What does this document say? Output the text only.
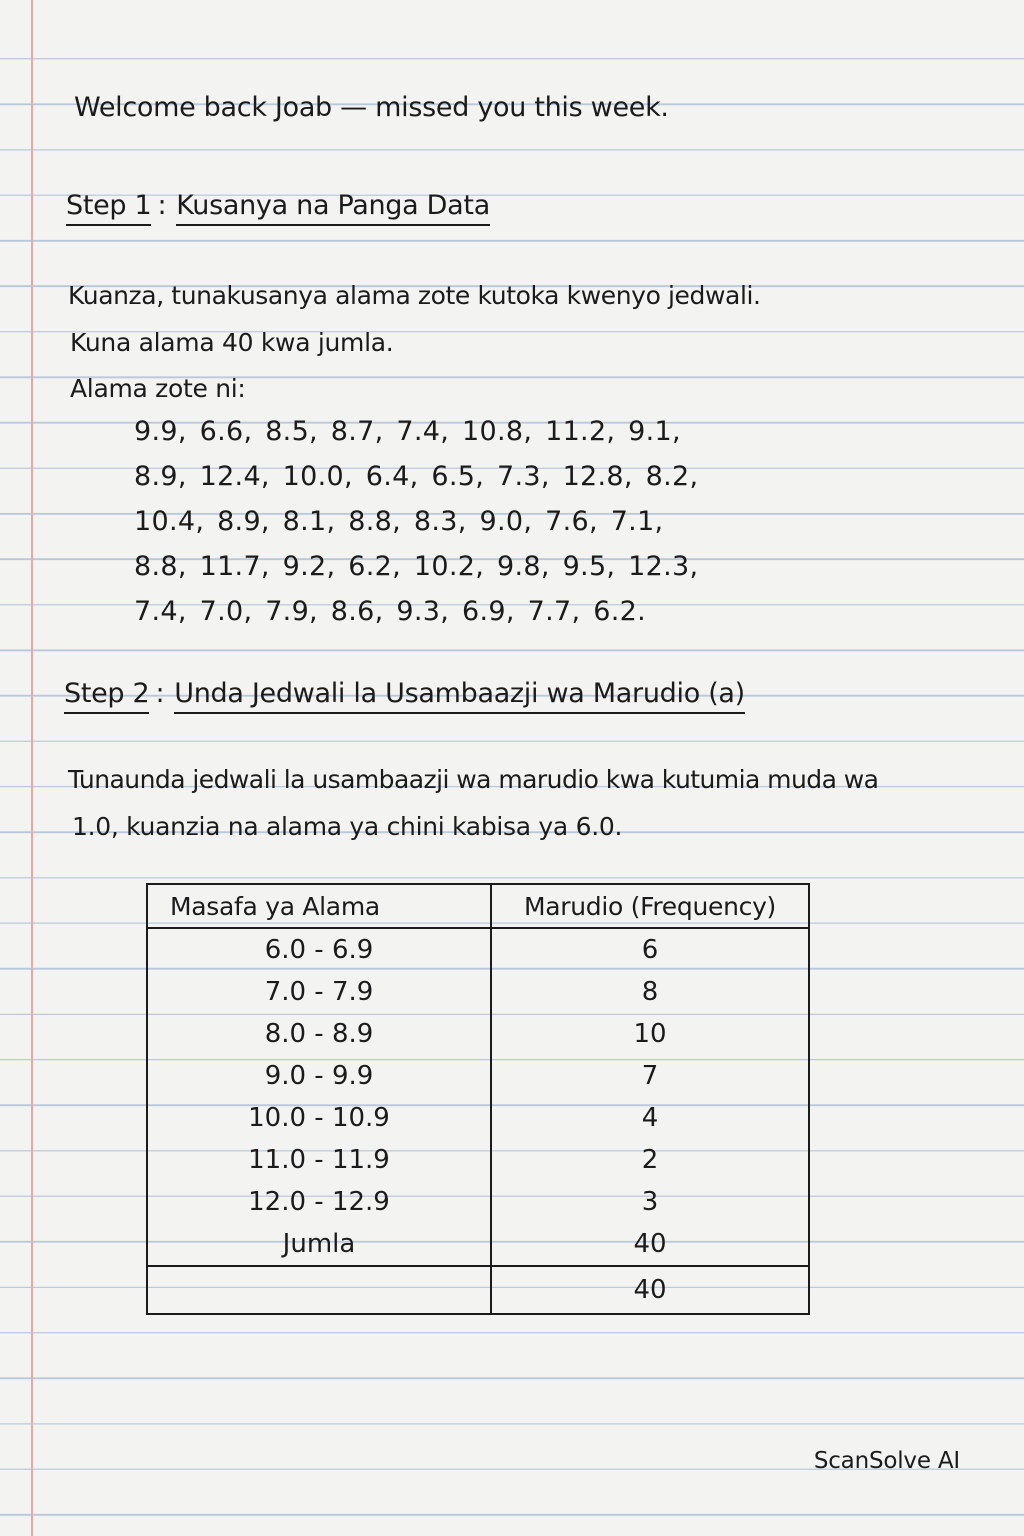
Welcome back Joab — missed you this week.

Step 1 : Kusanya na Panga Data

Kuanza, tunakusanya alama zote kutoka kwenyo jedwali.

Kuna alama 40 kwa jumla.

Alama zote ni:

9.9, 6.6, 8.5, 8.7, 7.4, 10.8, 11.2, 9.1,
8.9, 12.4, 10.0, 6.4, 6.5, 7.3, 12.8, 8.2,
10.4, 8.9, 8.1, 8.8, 8.3, 9.0, 7.6, 7.1,
8.8, 11.7, 9.2, 6.2, 10.2, 9.8, 9.5, 12.3,
7.4, 7.0, 7.9, 8.6, 9.3, 6.9, 7.7, 6.2.
Step 2 : Unda Jedwali la Usambaazji wa Marudio (a)

Tunaunda jedwali la usambaazji wa marudio kwa kutumia muda wa

1.0, kuanzia na alama ya chini kabisa ya 6.0.

Masafa ya Alama	Marudio (Frequency)
6.0 - 6.9	6
7.0 - 7.9	8
8.0 - 8.9	10
9.0 - 9.9	7
10.0 - 10.9	4
11.0 - 11.9	2
12.0 - 12.9	3
Jumla	40
	40
ScanSolve AI
